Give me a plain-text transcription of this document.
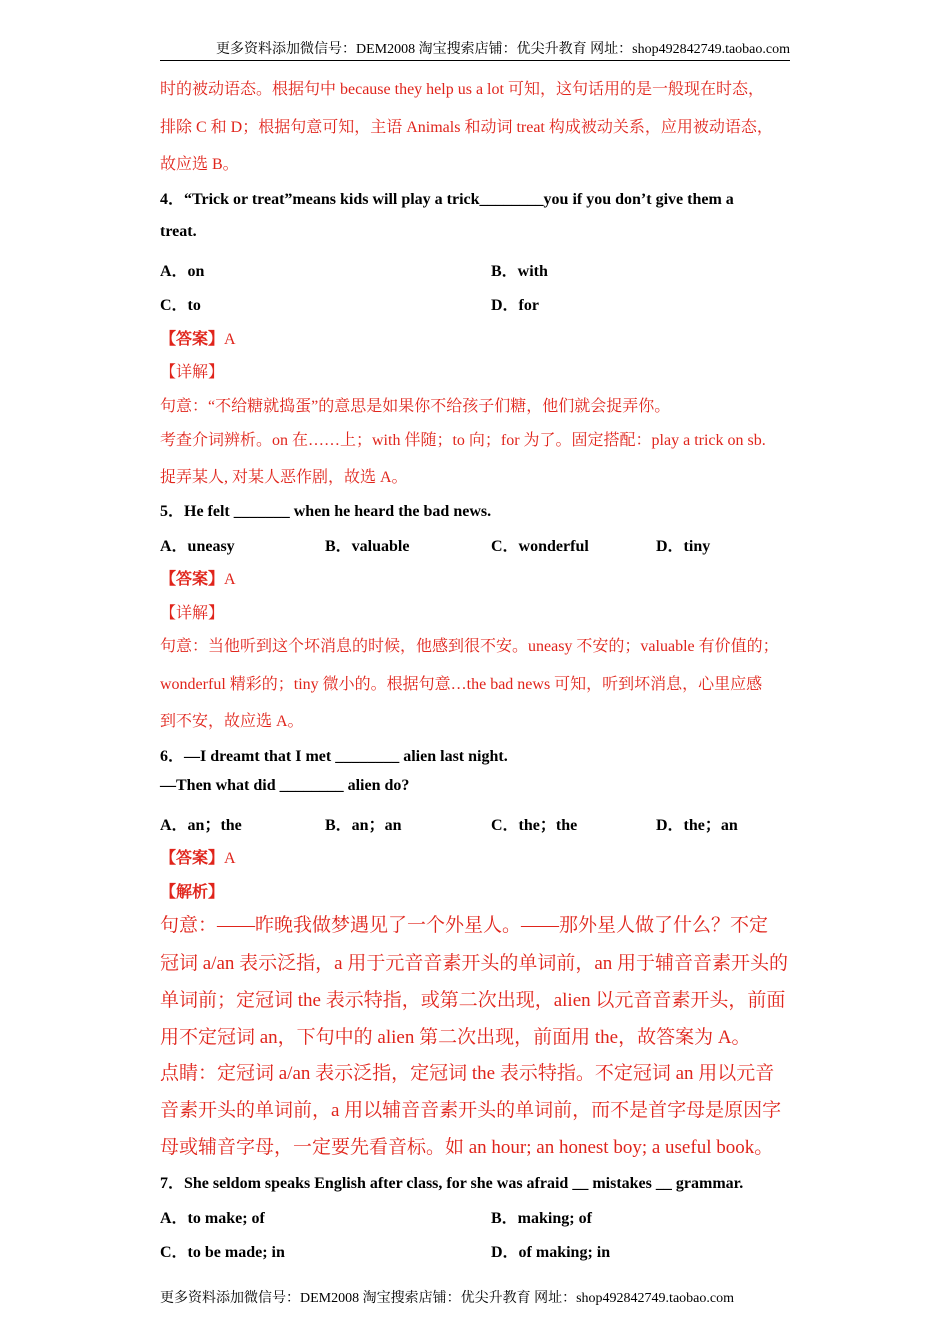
更多资料添加微信号：DEM2008 淘宝搜索店铺：优尖升教育 网址：shop492842749.taobao.com
时的被动语态。根据句中 because they help us a lot 可知，这句话用的是一般现在时态，
排除 C 和 D；根据句意可知，主语 Animals 和动词 treat 构成被动关系，应用被动语态，
故应选 B。
4．“Trick or treat”means kids will play a trick________you if you don’t give them a
treat.
A．on	B．with
C．to	D．for
【答案】A
【详解】
句意：“不给糖就捣蛋”的意思是如果你不给孩子们糖，他们就会捉弄你。
考查介词辨析。on 在……上；with 伴随；to 向；for 为了。固定搭配：play a trick on sb.
捉弄某人, 对某人恶作剧，故选 A。
5．He felt _______ when he heard the bad news.
A．uneasy	B．valuable	C．wonderful	D．tiny
【答案】A
【详解】
句意：当他听到这个坏消息的时候，他感到很不安。uneasy 不安的；valuable 有价值的；
wonderful 精彩的；tiny 微小的。根据句意…the bad news 可知，听到坏消息，心里应感
到不安，故应选 A。
6．—I dreamt that I met ________ alien last night.
—Then what did ________ alien do?
A．an；the	B．an；an	C．the；the	D．the；an
【答案】A
【解析】
句意：——昨晚我做梦遇见了一个外星人。——那外星人做了什么？不定
冠词 a/an 表示泛指，a 用于元音音素开头的单词前，an 用于辅音音素开头的
单词前；定冠词 the 表示特指，或第二次出现，alien 以元音音素开头，前面
用不定冠词 an，下句中的 alien 第二次出现，前面用 the，故答案为 A。
点睛：定冠词 a/an 表示泛指，定冠词 the 表示特指。不定冠词 an 用以元音
音素开头的单词前，a 用以辅音音素开头的单词前，而不是首字母是原因字
母或辅音字母，一定要先看音标。如 an hour; an honest boy; a useful book。
7．She seldom speaks English after class, for she was afraid __ mistakes __ grammar.
A．to make; of	B．making; of
C．to be made; in	D．of making; in
更多资料添加微信号：DEM2008 淘宝搜索店铺：优尖升教育 网址：shop492842749.taobao.com
